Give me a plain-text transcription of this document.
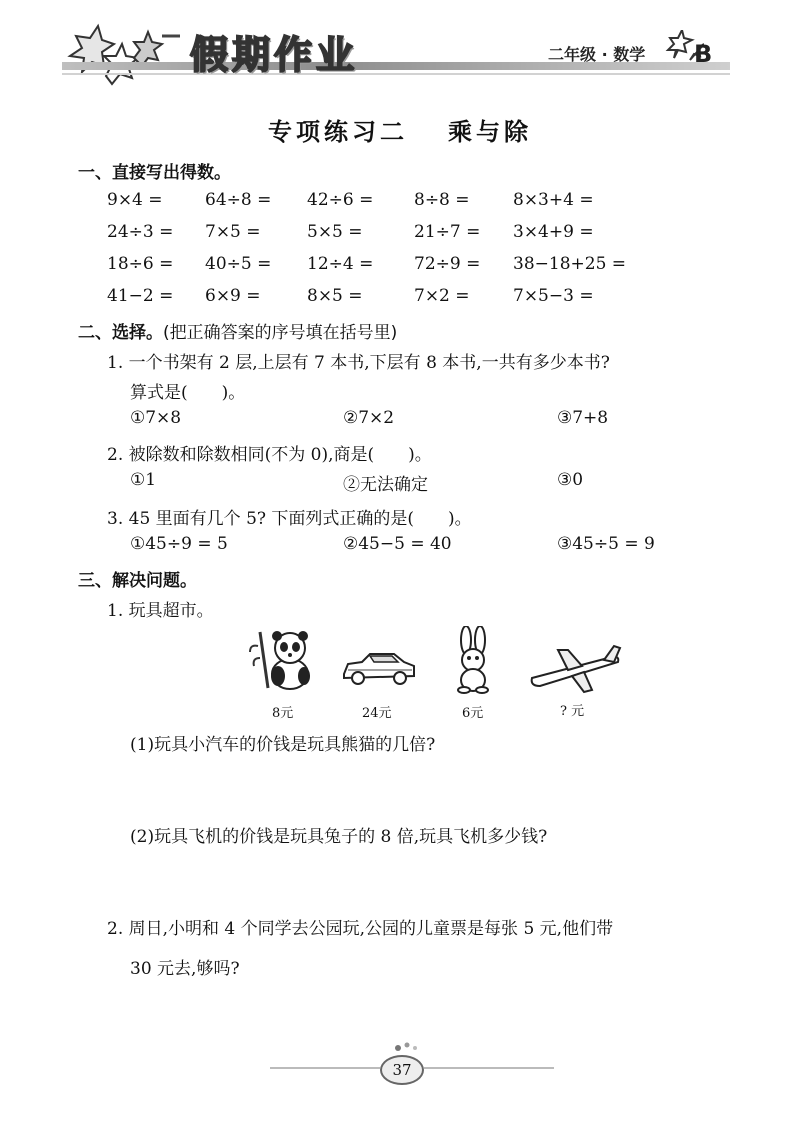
假期作业	二年级 · 数学 B
专项练习二 乘与除
一、直接写出得数。
9×4 = 64÷8 = 42÷6 = 8÷8 =	8×3+4 =
24÷3 = 7×5 =	5×5 =	21÷7 = 3×4+9 =
18÷6 = 40÷5 = 12÷4 = 72÷9 = 38−18+25 =
41−2 = 6×9 =	8×5 =	7×2 =	7×5−3 =
二、选择。(把正确答案的序号填在括号里)
1. 一个书架有 2 层,上层有 7 本书,下层有 8 本书,一共有多少本书?
算式是(　　)。
①7×8	②7×2	③7+8
2. 被除数和除数相同(不为 0),商是(　　)。
①1	②无法确定	③0
3. 45 里面有几个 5? 下面列式正确的是(　　)。
①45÷9 = 5	②45−5 = 40	③45÷5 = 9
三、解决问题。
1. 玩具超市。
8元	24元	6元	? 元
(1)玩具小汽车的价钱是玩具熊猫的几倍?
(2)玩具飞机的价钱是玩具兔子的 8 倍,玩具飞机多少钱?
2. 周日,小明和 4 个同学去公园玩,公园的儿童票是每张 5 元,他们带
30 元去,够吗?
37
